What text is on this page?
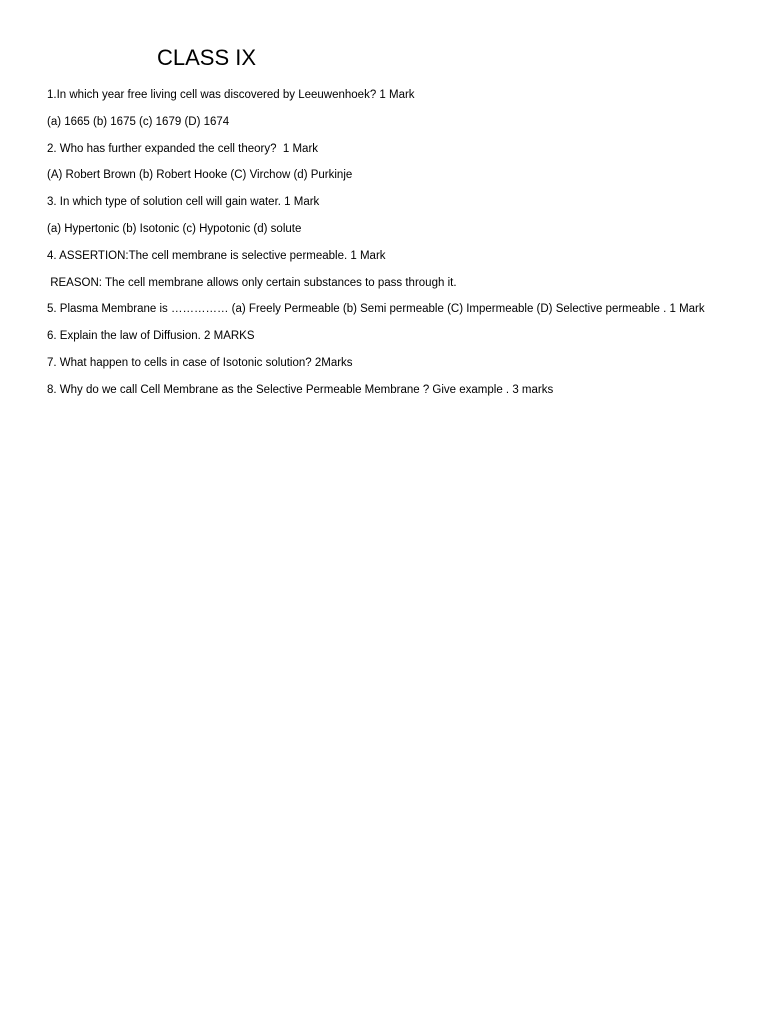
CLASS IX

1.In which year free living cell was discovered by Leeuwenhoek? 1 Mark

(a) 1665 (b) 1675 (c) 1679 (D) 1674

2. Who has further expanded the cell theory?  1 Mark

(A) Robert Brown (b) Robert Hooke (C) Virchow (d) Purkinje

3. In which type of solution cell will gain water. 1 Mark

(a) Hypertonic (b) Isotonic (c) Hypotonic (d) solute

4. ASSERTION:The cell membrane is selective permeable. 1 Mark

REASON: The cell membrane allows only certain substances to pass through it.

5. Plasma Membrane is …………… (a) Freely Permeable (b) Semi permeable (C) Impermeable (D) Selective permeable . 1 Mark

6. Explain the law of Diffusion. 2 MARKS

7. What happen to cells in case of Isotonic solution? 2Marks

8. Why do we call Cell Membrane as the Selective Permeable Membrane ? Give example . 3 marks
